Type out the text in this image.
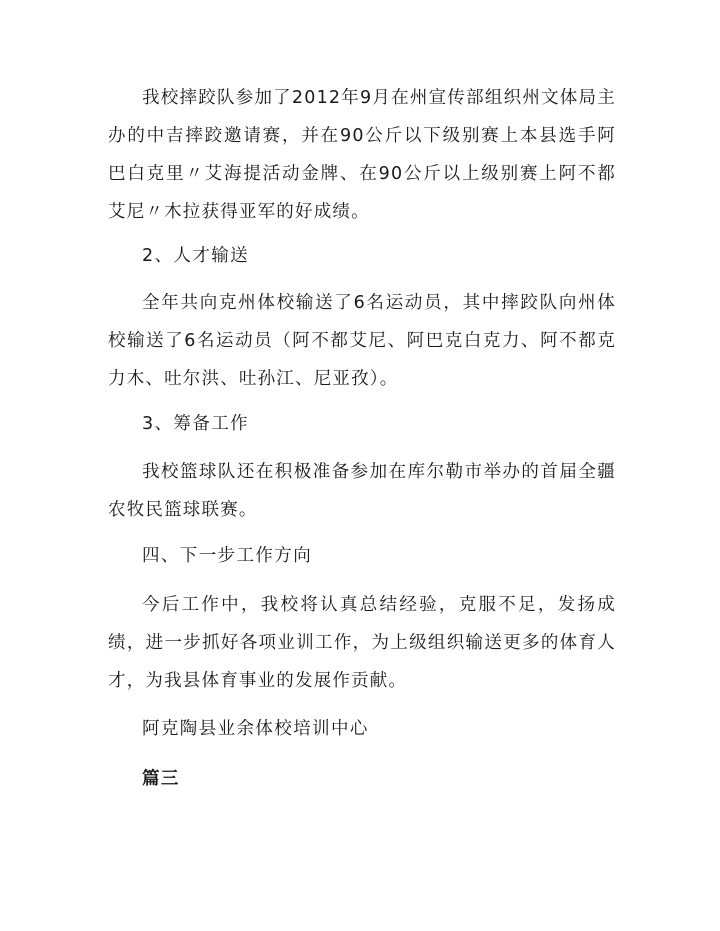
我校摔跤队参加了2012年9月在州宣传部组织州文体局主办的中吉摔跤邀请赛，并在90公斤以下级别赛上本县选手阿巴白克里〃艾海提活动金牌、在90公斤以上级别赛上阿不都艾尼〃木拉获得亚军的好成绩。

2、人才输送

全年共向克州体校输送了6名运动员，其中摔跤队向州体校输送了6名运动员（阿不都艾尼、阿巴克白克力、阿不都克力木、吐尔洪、吐孙江、尼亚孜）。

3、筹备工作

我校篮球队还在积极准备参加在库尔勒市举办的首届全疆农牧民篮球联赛。

四、下一步工作方向

今后工作中，我校将认真总结经验，克服不足，发扬成绩，进一步抓好各项业训工作，为上级组织输送更多的体育人才，为我县体育事业的发展作贡献。

阿克陶县业余体校培训中心

篇三
